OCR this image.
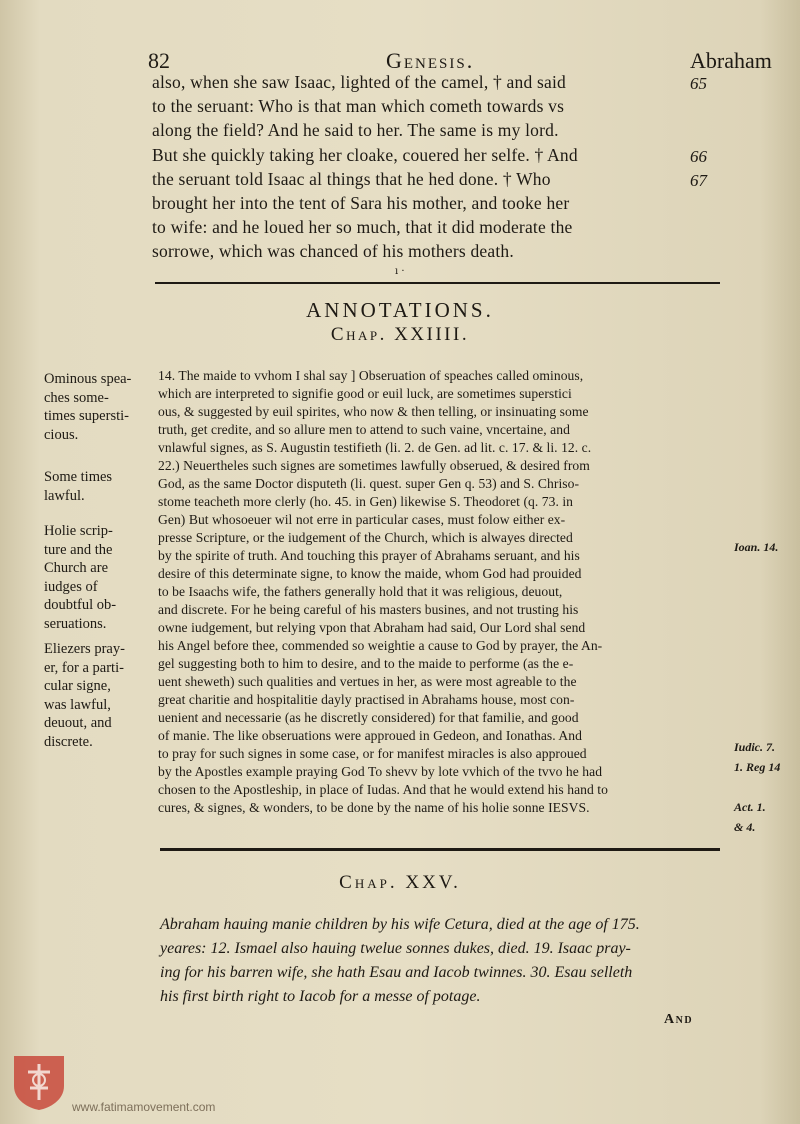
82	Genesis.	Abraham
also, when she saw Isaac, lighted of the camel, † and said
to the seruant: Who is that man which cometh towards vs
along the field? And he said to her. The same is my lord.
But she quickly taking her cloake, couered her selfe. † And
the seruant told Isaac al things that he hed done. † Who
brought her into the tent of Sara his mother, and tooke her
to wife: and he loued her so much, that it did moderate the
sorrowe, which was chanced of his mothers death.
65
66
67
ı ·
ANNOTATIONS.
Chap. XXIIII.
Ominous spea-
ches some-
times supersti-
cious.
Some times
lawful.
Holie scrip-
ture and the
Church are
iudges of
doubtful ob-
seruations.
Eliezers pray-
er, for a parti-
cular signe,
was lawful,
deuout, and
discrete.
14. The maide to vvhom I shal say ] Obseruation of speaches called ominous,
which are interpreted to signifie good or euil luck, are sometimes superstici
ous, & suggested by euil spirites, who now & then telling, or insinuating some
truth, get credite, and so allure men to attend to such vaine, vncertaine, and
vnlawful signes, as S. Augustin testifieth (li. 2. de Gen. ad lit. c. 17. & li. 12. c.
22.) Neuertheles such signes are sometimes lawfully obserued, & desired from
God, as the same Doctor disputeth (li. quest. super Gen q. 53) and S. Chriso-
stome teacheth more clerly (ho. 45. in Gen) likewise S. Theodoret (q. 73. in
Gen) But whosoeuer wil not erre in particular cases, must folow either ex-
presse Scripture, or the iudgement of the Church, which is alwayes directed
by the spirite of truth. And touching this prayer of Abrahams seruant, and his
desire of this determinate signe, to know the maide, whom God had prouided
to be Isaachs wife, the fathers generally hold that it was religious, deuout,
and discrete. For he being careful of his masters busines, and not trusting his
owne iudgement, but relying vpon that Abraham had said, Our Lord shal send
his Angel before thee, commended so weightie a cause to God by prayer, the An-
gel suggesting both to him to desire, and to the maide to performe (as the e-
uent sheweth) such qualities and vertues in her, as were most agreable to the
great charitie and hospitalitie dayly practised in Abrahams house, most con-
uenient and necessarie (as he discretly considered) for that familie, and good
of manie. The like obseruations were approued in Gedeon, and Ionathas. And
to pray for such signes in some case, or for manifest miracles is also approued
by the Apostles example praying God To shevv by lote vvhich of the tvvo he had
chosen to the Apostleship, in place of Iudas. And that he would extend his hand to
cures, & signes, & wonders, to be done by the name of his holie sonne IESVS.
Ioan. 14.
Iudic. 7.
1. Reg 14
Act. 1.
& 4.
Chap. XXV.
Abraham hauing manie children by his wife Cetura, died at the age of 175.
yeares: 12. Ismael also hauing twelue sonnes dukes, died. 19. Isaac pray-
ing for his barren wife, she hath Esau and Iacob twinnes. 30. Esau selleth
his first birth right to Iacob for a messe of potage.
And
www.fatimamovement.com
